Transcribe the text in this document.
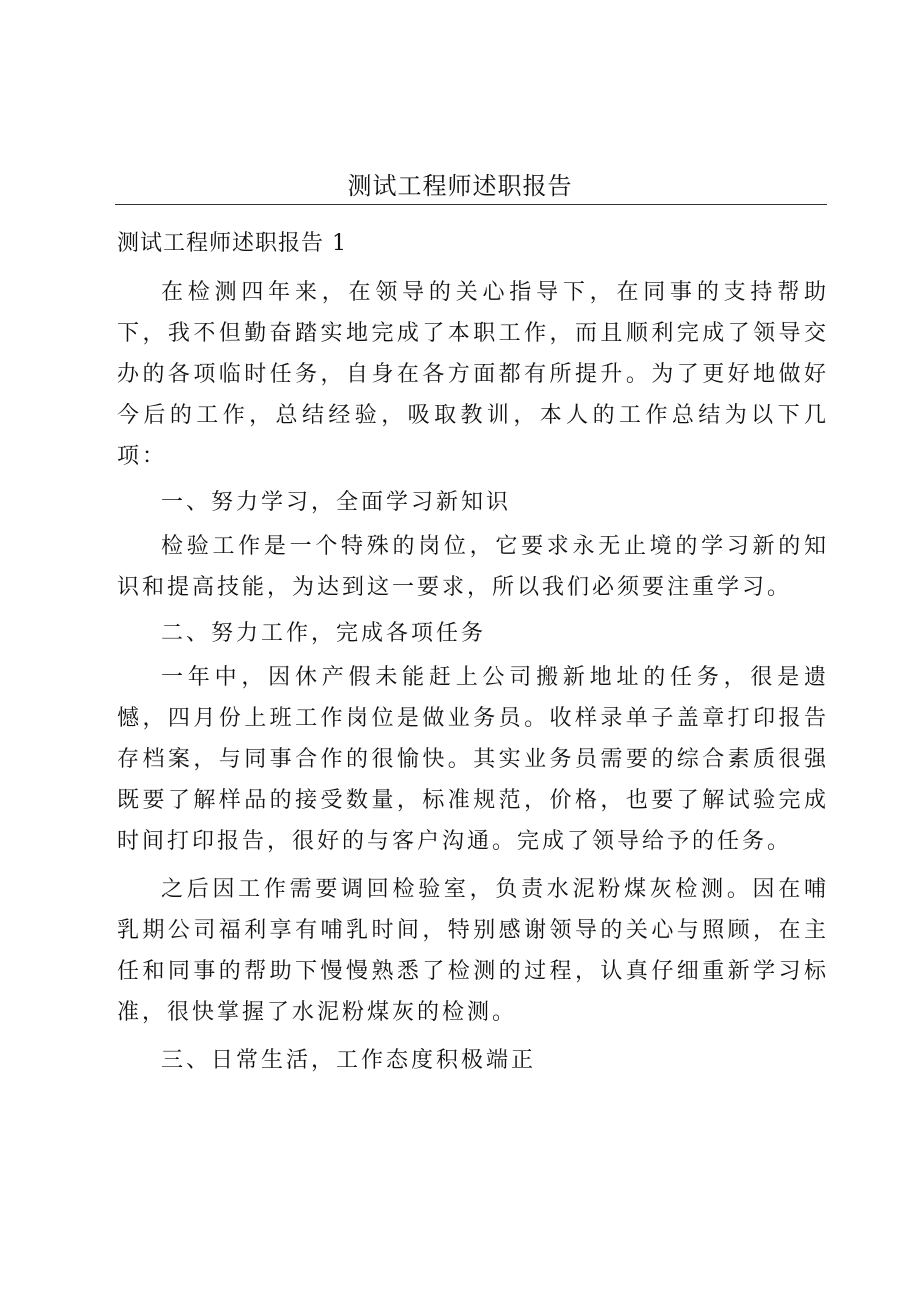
测试工程师述职报告
测试工程师述职报告 1

在检测四年来，在领导的关心指导下，在同事的支持帮助下，我不但勤奋踏实地完成了本职工作，而且顺利完成了领导交办的各项临时任务，自身在各方面都有所提升。为了更好地做好今后的工作，总结经验，吸取教训，本人的工作总结为以下几项：

一、努力学习，全面学习新知识

检验工作是一个特殊的岗位，它要求永无止境的学习新的知识和提高技能，为达到这一要求，所以我们必须要注重学习。

二、努力工作，完成各项任务

一年中，因休产假未能赶上公司搬新地址的任务，很是遗憾，四月份上班工作岗位是做业务员。收样录单子盖章打印报告存档案，与同事合作的很愉快。其实业务员需要的综合素质很强既要了解样品的接受数量，标准规范，价格，也要了解试验完成时间打印报告，很好的与客户沟通。完成了领导给予的任务。

之后因工作需要调回检验室，负责水泥粉煤灰检测。因在哺乳期公司福利享有哺乳时间，特别感谢领导的关心与照顾，在主任和同事的帮助下慢慢熟悉了检测的过程，认真仔细重新学习标准，很快掌握了水泥粉煤灰的检测。

三、日常生活，工作态度积极端正
